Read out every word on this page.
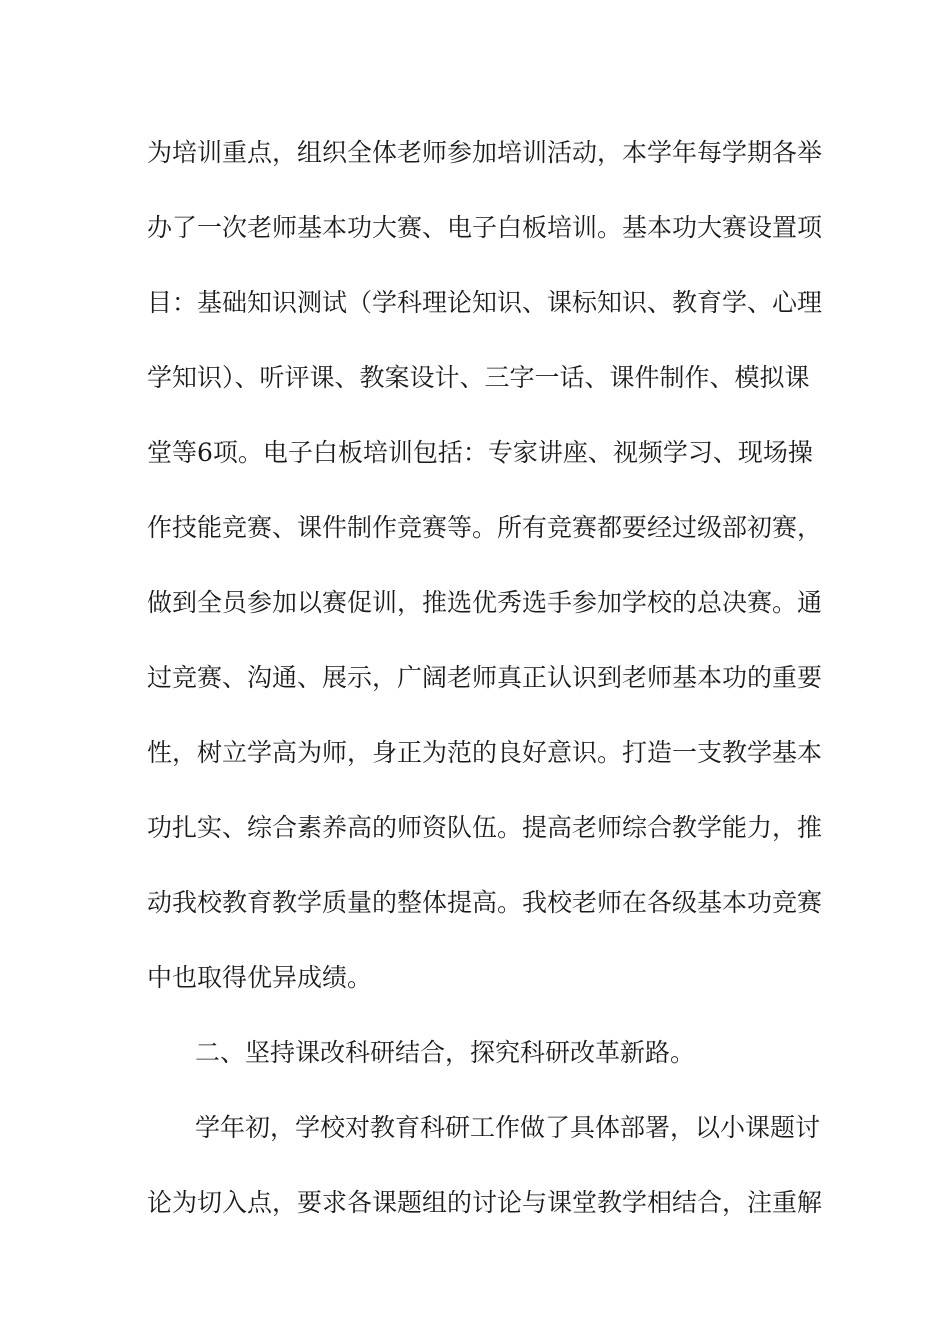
为培训重点，组织全体老师参加培训活动，本学年每学期各举
办了一次老师基本功大赛、电子白板培训。基本功大赛设置项
目：基础知识测试（学科理论知识、课标知识、教育学、心理
学知识）、听评课、教案设计、三字一话、课件制作、模拟课
堂等6项。电子白板培训包括：专家讲座、视频学习、现场操
作技能竞赛、课件制作竞赛等。所有竞赛都要经过级部初赛，
做到全员参加以赛促训，推选优秀选手参加学校的总决赛。通
过竞赛、沟通、展示，广阔老师真正认识到老师基本功的重要
性，树立学高为师，身正为范的良好意识。打造一支教学基本
功扎实、综合素养高的师资队伍。提高老师综合教学能力，推
动我校教育教学质量的整体提高。我校老师在各级基本功竞赛
中也取得优异成绩。
二、坚持课改科研结合，探究科研改革新路。
学年初，学校对教育科研工作做了具体部署，以小课题讨
论为切入点，要求各课题组的讨论与课堂教学相结合，注重解
